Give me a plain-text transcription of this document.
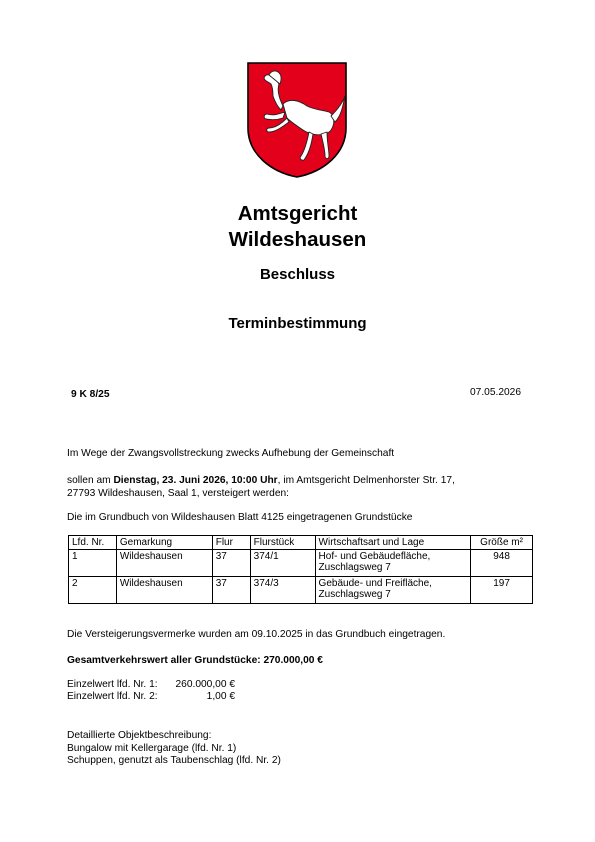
Amtsgericht
Wildeshausen
Beschluss
Terminbestimmung
9 K 8/25	07.05.2026
Im Wege der Zwangsvollstreckung zwecks Aufhebung der Gemeinschaft
sollen am Dienstag, 23. Juni 2026, 10:00 Uhr, im Amtsgericht Delmenhorster Str. 17,
27793 Wildeshausen, Saal 1, versteigert werden:
Die im Grundbuch von Wildeshausen Blatt 4125 eingetragenen Grundstücke
Lfd. Nr.	Gemarkung	Flur	Flurstück	Wirtschaftsart und Lage	Größe m²
1	Wildeshausen	37	374/1	Hof- und Gebäudefläche,
Zuschlagsweg 7	948
2	Wildeshausen	37	374/3	Gebäude- und Freifläche,
Zuschlagsweg 7	197
Die Versteigerungsvermerke wurden am 09.10.2025 in das Grundbuch eingetragen.
Gesamtverkehrswert aller Grundstücke: 270.000,00 €
Einzelwert lfd. Nr. 1: 260.000,00 €
Einzelwert lfd. Nr. 2:	1,00 €
Detaillierte Objektbeschreibung:
Bungalow mit Kellergarage (lfd. Nr. 1)
Schuppen, genutzt als Taubenschlag (lfd. Nr. 2)
